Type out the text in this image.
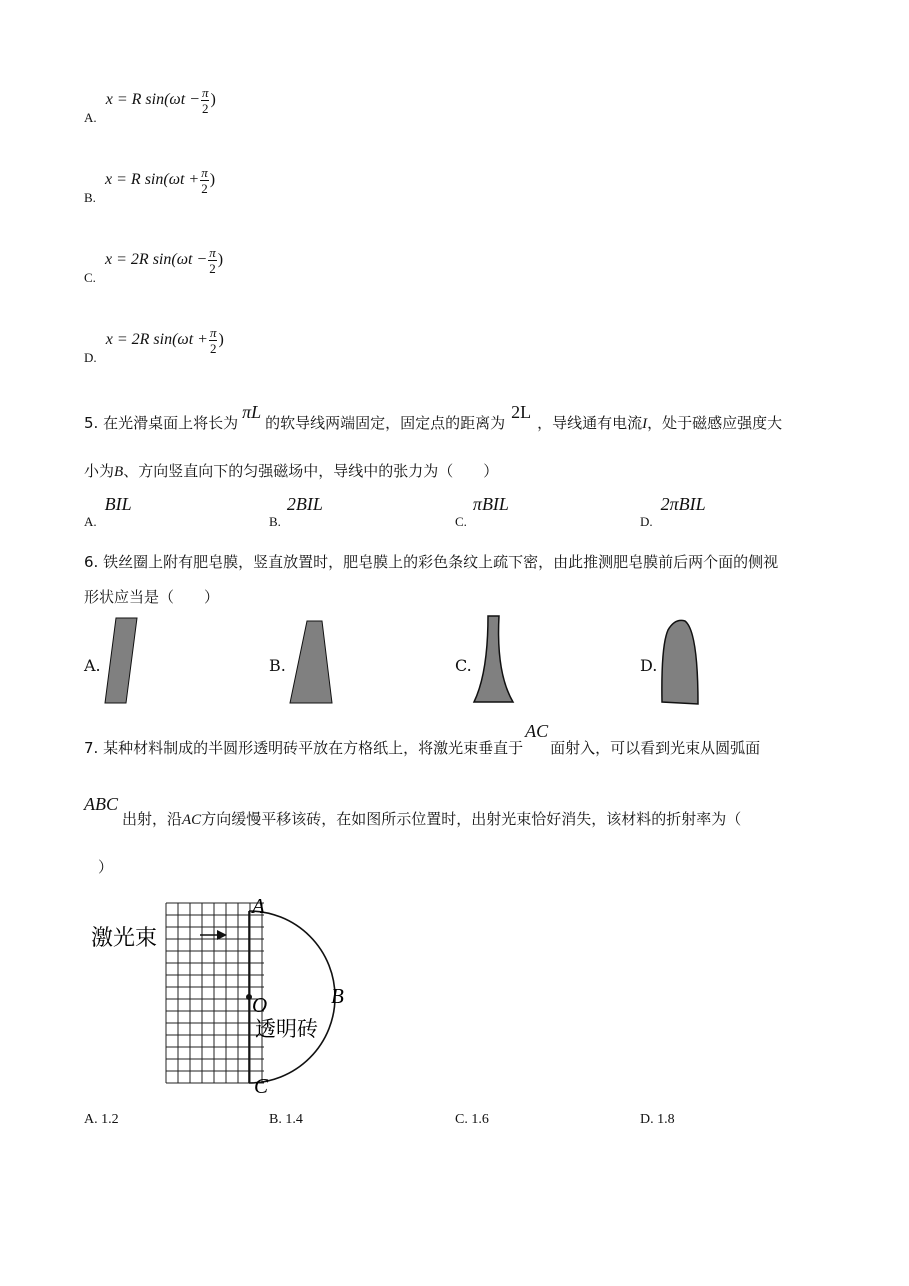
$_{A.}$ x = R $\sin(\omega t - \frac{\pi}{2}$ )
$_{B.}$ x = R $\sin(\omega t + \frac{\pi}{2}$ )
$_{C.}$ x = 2R $\sin(\omega t - \frac{\pi}{2}$ )
$_{D.}$ x = 2R $\sin(\omega t + \frac{\pi}{2}$ )
5. 在光滑桌面上将长为πL的软导线两端固定，固定点的距离为2L，导线通有电流I，处于磁感应强度大
小为B、方向竖直向下的匀强磁场中，导线中的张力为（　　）
$_{A.}$BIL
$_{B.}$2BIL
$_{C.}$πBIL
$_{D.}$2πBIL
6. 铁丝圈上附有肥皂膜，竖直放置时，肥皂膜上的彩色条纹上疏下密，由此推测肥皂膜前后两个面的侧视
形状应当是（　　）
A.	B.	C.	D.
7. 某种材料制成的半圆形透明砖平放在方格纸上，将激光束垂直于AC面射入，可以看到光束从圆弧面
ABC出射，沿AC方向缓慢平移该砖，在如图所示位置时，出射光束恰好消失，该材料的折射率为（
）
激光束
透明砖
A
B
C
O
A. 1.2	B. 1.4	C. 1.6	D. 1.8
